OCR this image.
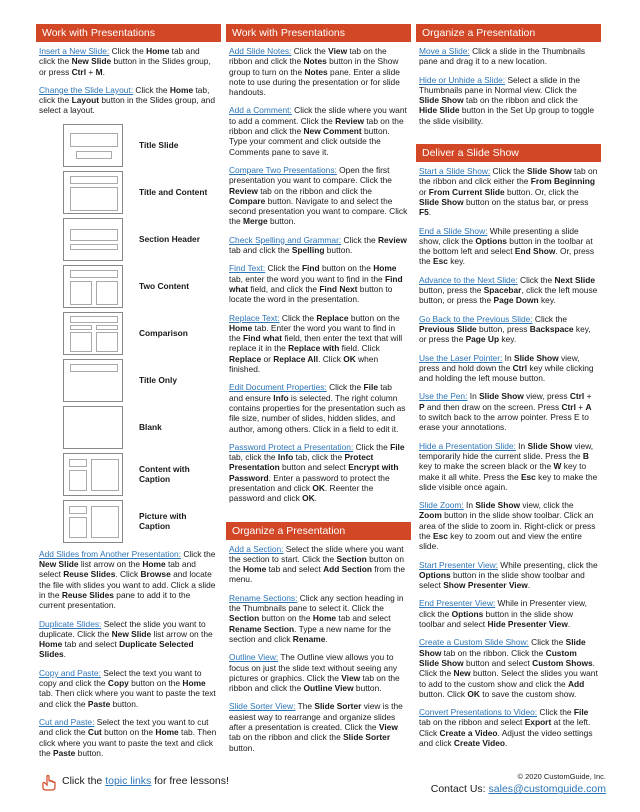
Work with Presentations

Insert a New Slide: Click the Home tab and click the New Slide button in the Slides group, or press Ctrl + M.

Change the Slide Layout: Click the Home tab, click the Layout button in the Slides group, and select a layout.

Title Slide
Title and Content
Section Header
Two Content
Comparison
Title Only
Blank
Content with Caption
Picture with Caption

Add Slides from Another Presentation: Click the New Slide list arrow on the Home tab and select Reuse Slides. Click Browse and locate the file with slides you want to add. Click a slide in the Reuse Slides pane to add it to the current presentation.

Duplicate Slides: Select the slide you want to duplicate. Click the New Slide list arrow on the Home tab and select Duplicate Selected Slides.

Copy and Paste: Select the text you want to copy and click the Copy button on the Home tab. Then click where you want to paste the text and click the Paste button.

Cut and Paste: Select the text you want to cut and click the Cut button on the Home tab. Then click where you want to paste the text and click the Paste button.

Work with Presentations

Add Slide Notes: Click the View tab on the ribbon and click the Notes button in the Show group to turn on the Notes pane. Enter a slide note to use during the presentation or for slide handouts.

Add a Comment: Click the slide where you want to add a comment. Click the Review tab on the ribbon and click the New Comment button. Type your comment and click outside the Comments pane to save it.

Compare Two Presentations: Open the first presentation you want to compare. Click the Review tab on the ribbon and click the Compare button. Navigate to and select the second presentation you want to compare. Click the Merge button.

Check Spelling and Grammar: Click the Review tab and click the Spelling button.

Find Text: Click the Find button on the Home tab, enter the word you want to find in the Find what field, and click the Find Next button to locate the word in the presentation.

Replace Text: Click the Replace button on the Home tab. Enter the word you want to find in the Find what field, then enter the text that will replace it in the Replace with field. Click Replace or Replace All. Click OK when finished.

Edit Document Properties: Click the File tab and ensure Info is selected. The right column contains properties for the presentation such as file size, number of slides, hidden slides, and author, among others. Click in a field to edit it.

Password Protect a Presentation: Click the File tab, click the Info tab, click the Protect Presentation button and select Encrypt with Password. Enter a password to protect the presentation and click OK. Reenter the password and click OK.

Organize a Presentation

Add a Section: Select the slide where you want the section to start. Click the Section button on the Home tab and select Add Section from the menu.

Rename Sections: Click any section heading in the Thumbnails pane to select it. Click the Section button on the Home tab and select Rename Section. Type a new name for the section and click Rename.

Outline View: The Outline view allows you to focus on just the slide text without seeing any pictures or graphics. Click the View tab on the ribbon and click the Outline View button.

Slide Sorter View: The Slide Sorter view is the easiest way to rearrange and organize slides after a presentation is created. Click the View tab on the ribbon and click the Slide Sorter button.

Organize a Presentation

Move a Slide: Click a slide in the Thumbnails pane and drag it to a new location.

Hide or Unhide a Slide: Select a slide in the Thumbnails pane in Normal view. Click the Slide Show tab on the ribbon and click the Hide Slide button in the Set Up group to toggle the slide visibility.

Deliver a Slide Show

Start a Slide Show: Click the Slide Show tab on the ribbon and click either the From Beginning or From Current Slide button. Or, click the Slide Show button on the status bar, or press F5.

End a Slide Show: While presenting a slide show, click the Options button in the toolbar at the bottom left and select End Show. Or, press the Esc key.

Advance to the Next Slide: Click the Next Slide button, press the Spacebar, click the left mouse button, or press the Page Down key.

Go Back to the Previous Slide: Click the Previous Slide button, press Backspace key, or press the Page Up key.

Use the Laser Pointer: In Slide Show view, press and hold down the Ctrl key while clicking and holding the left mouse button.

Use the Pen: In Slide Show view, press Ctrl + P and then draw on the screen. Press Ctrl + A to switch back to the arrow pointer. Press E to erase your annotations.

Hide a Presentation Slide: In Slide Show view, temporarily hide the current slide. Press the B key to make the screen black or the W key to make it all white. Press the Esc key to make the slide visible once again.

Slide Zoom: In Slide Show view, click the Zoom button in the slide show toolbar. Click an area of the slide to zoom in. Right-click or press the Esc key to zoom out and view the entire slide.

Start Presenter View: While presenting, click the Options button in the slide show toolbar and select Show Presenter View.

End Presenter View: While in Presenter view, click the Options button in the slide show toolbar and select Hide Presenter View.

Create a Custom Slide Show: Click the Slide Show tab on the ribbon. Click the Custom Slide Show button and select Custom Shows. Click the New button. Select the slides you want to add to the custom show and click the Add button. Click OK to save the custom show.

Convert Presentations to Video: Click the File tab on the ribbon and select Export at the left. Click Create a Video. Adjust the video settings and click Create Video.

Click the topic links for free lessons!	© 2020 CustomGuide, Inc.
Contact Us: sales@customguide.com
